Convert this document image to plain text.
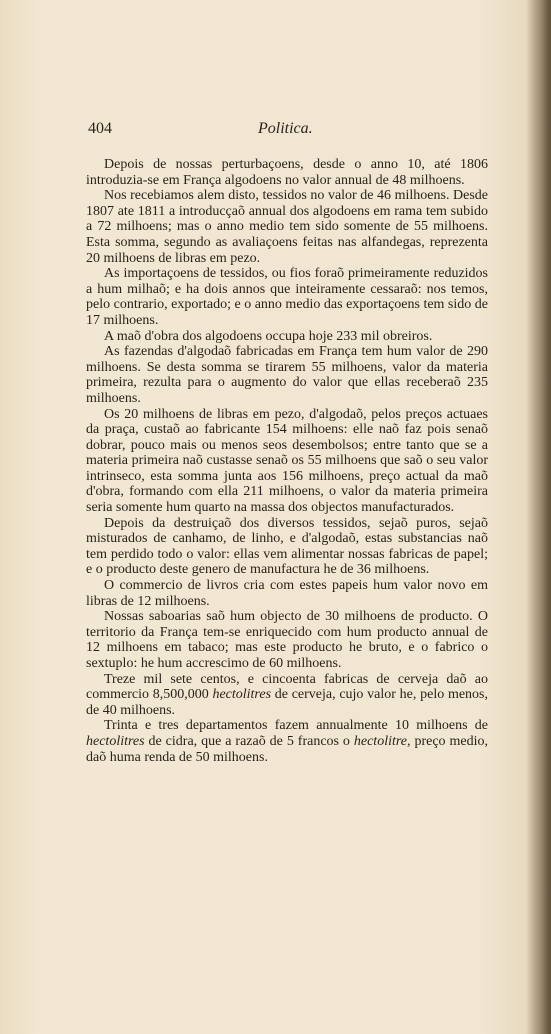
404	Politica.

Depois de nossas perturbaçoens, desde o anno 10, até 1806 introduzia-se em França algodoens no valor annual de 48 milhoens.

Nos recebiamos alem disto, tessidos no valor de 46 milhoens. Desde 1807 ate 1811 a introducçaõ annual dos algodoens em rama tem subido a 72 milhoens; mas o anno medio tem sido somente de 55 milhoens. Esta somma, segundo as avaliaçoens feitas nas alfandegas, reprezenta 20 milhoens de libras em pezo.

As importaçoens de tessidos, ou fios foraõ primeiramente reduzidos a hum milhaõ; e ha dois annos que inteiramente cessaraõ: nos temos, pelo contrario, exportado; e o anno medio das exportaçoens tem sido de 17 milhoens.

A maõ d'obra dos algodoens occupa hoje 233 mil obreiros.

As fazendas d'algodaõ fabricadas em França tem hum valor de 290 milhoens. Se desta somma se tirarem 55 milhoens, valor da materia primeira, rezulta para o augmento do valor que ellas receberaõ 235 milhoens.

Os 20 milhoens de libras em pezo, d'algodaõ, pelos preços actuaes da praça, custaõ ao fabricante 154 milhoens: elle naõ faz pois senaõ dobrar, pouco mais ou menos seos desembolsos; entre tanto que se a materia primeira naõ custasse senaõ os 55 milhoens que saõ o seu valor intrinseco, esta somma junta aos 156 milhoens, preço actual da maõ d'obra, formando com ella 211 milhoens, o valor da materia primeira seria somente hum quarto na massa dos objectos manufacturados.

Depois da destruiçaõ dos diversos tessidos, sejaõ puros, sejaõ misturados de canhamo, de linho, e d'algodaõ, estas substancias naõ tem perdido todo o valor: ellas vem alimentar nossas fabricas de papel; e o producto deste genero de manufactura he de 36 milhoens.

O commercio de livros cria com estes papeis hum valor novo em libras de 12 milhoens.

Nossas saboarias saõ hum objecto de 30 milhoens de producto. O territorio da França tem-se enriquecido com hum producto annual de 12 milhoens em tabaco; mas este producto he bruto, e o fabrico o sextuplo: he hum accrescimo de 60 milhoens.

Treze mil sete centos, e cincoenta fabricas de cerveja daõ ao commercio 8,500,000 hectolitres de cerveja, cujo valor he, pelo menos, de 40 milhoens.

Trinta e tres departamentos fazem annualmente 10 milhoens de hectolitres de cidra, que a razaõ de 5 francos o hectolitre, preço medio, daõ huma renda de 50 milhoens.
